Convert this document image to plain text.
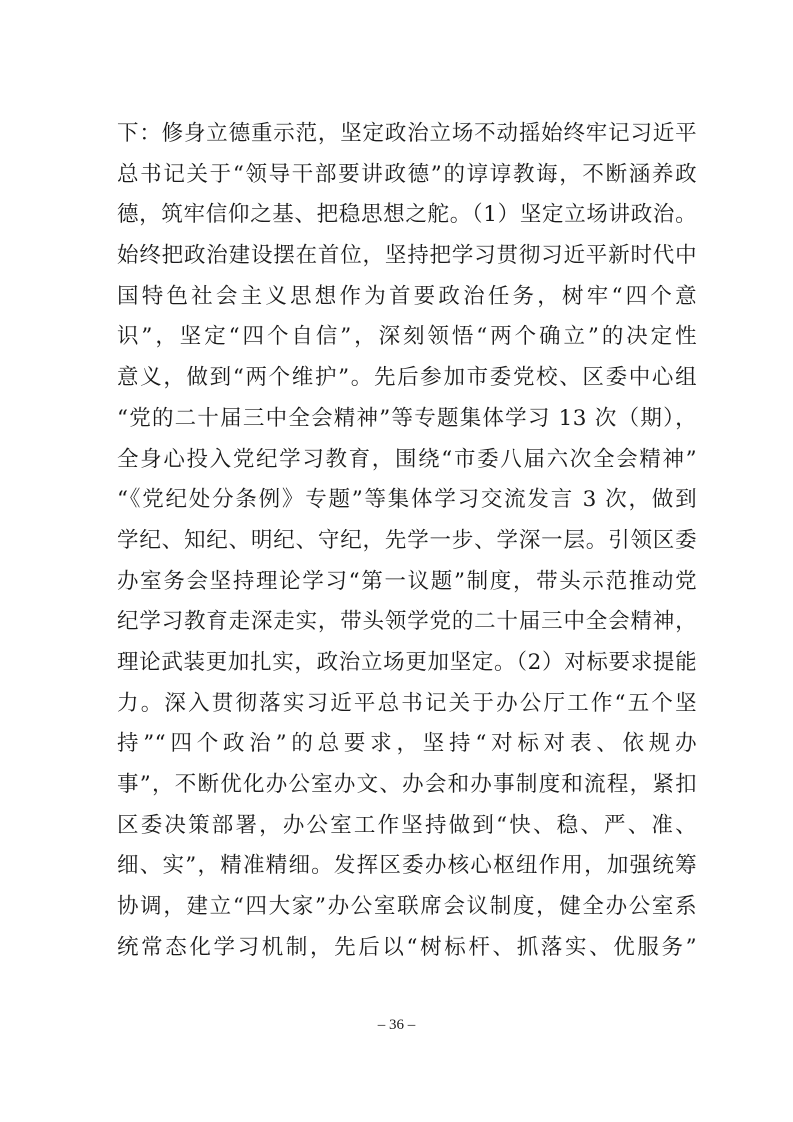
下：修身立德重示范，坚定政治立场不动摇始终牢记习近平
总书记关于“领导干部要讲政德”的谆谆教诲，不断涵养政
德，筑牢信仰之基、把稳思想之舵。（1）坚定立场讲政治。
始终把政治建设摆在首位，坚持把学习贯彻习近平新时代中
国特色社会主义思想作为首要政治任务，树牢“四个意
识”，坚定“四个自信”，深刻领悟“两个确立”的决定性
意义，做到“两个维护”。先后参加市委党校、区委中心组
“党的二十届三中全会精神”等专题集体学习 13 次（期），
全身心投入党纪学习教育，围绕“市委八届六次全会精神”
“《党纪处分条例》专题”等集体学习交流发言 3 次，做到
学纪、知纪、明纪、守纪，先学一步、学深一层。引领区委
办室务会坚持理论学习“第一议题”制度，带头示范推动党
纪学习教育走深走实，带头领学党的二十届三中全会精神，
理论武装更加扎实，政治立场更加坚定。（2）对标要求提能
力。深入贯彻落实习近平总书记关于办公厅工作“五个坚
持”“四个政治”的总要求，坚持“对标对表、依规办
事”，不断优化办公室办文、办会和办事制度和流程，紧扣
区委决策部署，办公室工作坚持做到“快、稳、严、准、
细、实”，精准精细。发挥区委办核心枢纽作用，加强统筹
协调，建立“四大家”办公室联席会议制度，健全办公室系
统常态化学习机制，先后以“树标杆、抓落实、优服务”
– 36 –
